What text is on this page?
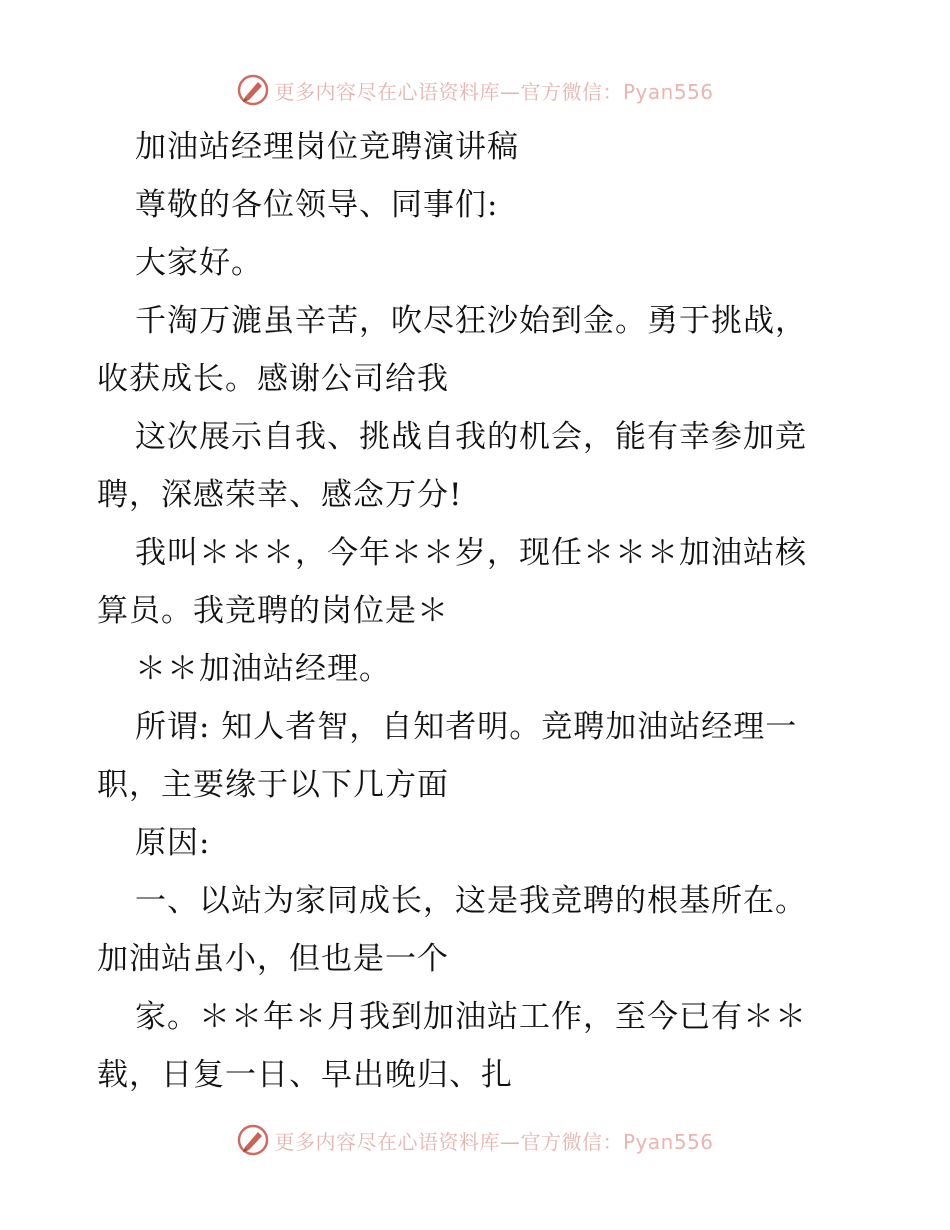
更多内容尽在心语资料库—官方微信：Pyan556
加油站经理岗位竞聘演讲稿
尊敬的各位领导、同事们:
大家好。
千淘万漉虽辛苦，吹尽狂沙始到金。勇于挑战，
收获成长。感谢公司给我
这次展示自我、挑战自我的机会，能有幸参加竞
聘，深感荣幸、感念万分!
我叫＊＊＊，今年＊＊岁，现任＊＊＊加油站核
算员。我竞聘的岗位是＊
＊＊加油站经理。
所谓: 知人者智，自知者明。竞聘加油站经理一
职，主要缘于以下几方面
原因:
一、以站为家同成长，这是我竞聘的根基所在。
加油站虽小，但也是一个
家。＊＊年＊月我到加油站工作，至今已有＊＊
载，日复一日、早出晚归、扎
更多内容尽在心语资料库—官方微信：Pyan556
